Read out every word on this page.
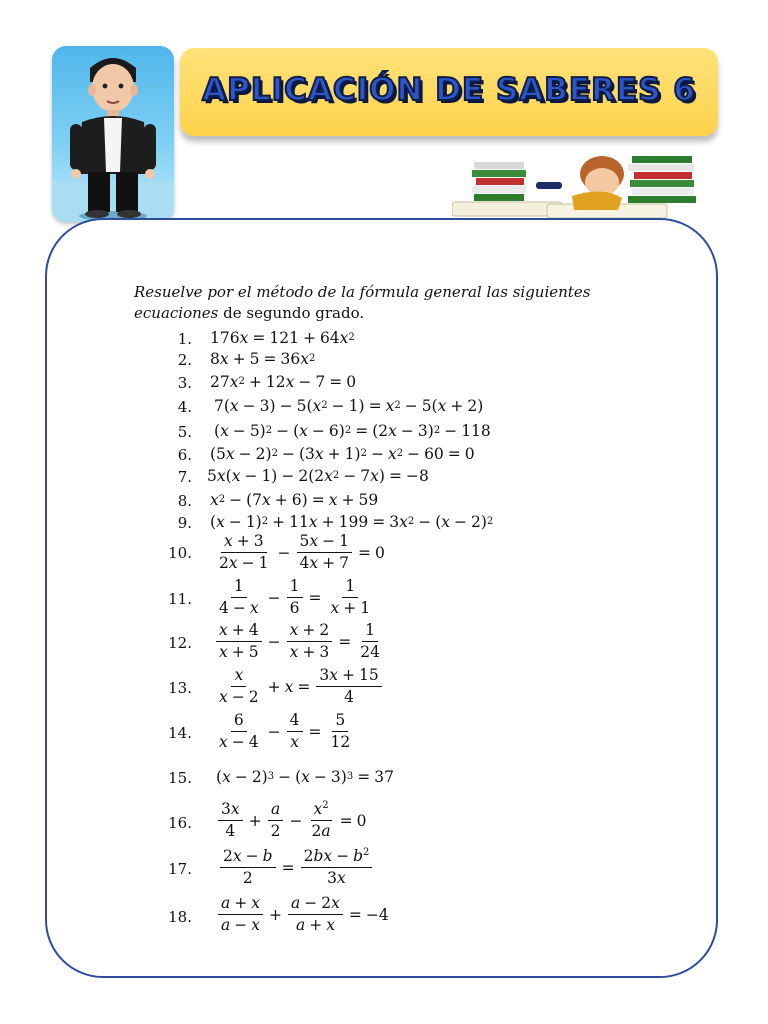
APLICACIÓN DE SABERES 6
Resuelve por el método de la fórmula general las siguientes ecuaciones de segundo grado.
1. 176 x = 121 + 64 x 2
2. 8 x + 5 = 36 x 2
3. 27 x 2 + 12 x − 7 = 0
4. 7( x − 3) − 5( x 2 − 1) = x 2 − 5( x + 2)
5. ( x − 5) 2 − ( x − 6) 2 = (2 x − 3) 2 − 118
6. (5 x − 2) 2 − (3 x + 1) 2 − x 2 − 60 = 0
7. 5 x ( x − 1) − 2(2 x 2 − 7 x ) = −8
8. x 2 − (7 x + 6) = x + 59
9. ( x − 1) 2 + 11 x + 199 = 3 x 2 − ( x − 2) 2
10. $\frac{x + 3}{2x - 1} - \frac{5x - 1}{4x + 7} = 0$
11. $\frac{1}{4 - x} - \frac{1}{6} = \frac{1}{x + 1}$
12. $\frac{x + 4}{x + 5} - \frac{x + 2}{x + 3} = \frac{1}{24}$
13. $\frac{x}{x - 2} + x = \frac{3x + 15}{4}$
14. $\frac{6}{x - 4} - \frac{4}{x} = \frac{5}{12}$
15. ( x − 2) 3 − ( x − 3) 3 = 37
16. $\frac{3x}{4} + \frac{a}{2} - \frac{x^2}{2a} = 0$
17. $\frac{2x - b}{2} = \frac{2bx - b^2}{3x}$
18. $\frac{a + x}{a - x} + \frac{a - 2x}{a + x} = -4$
